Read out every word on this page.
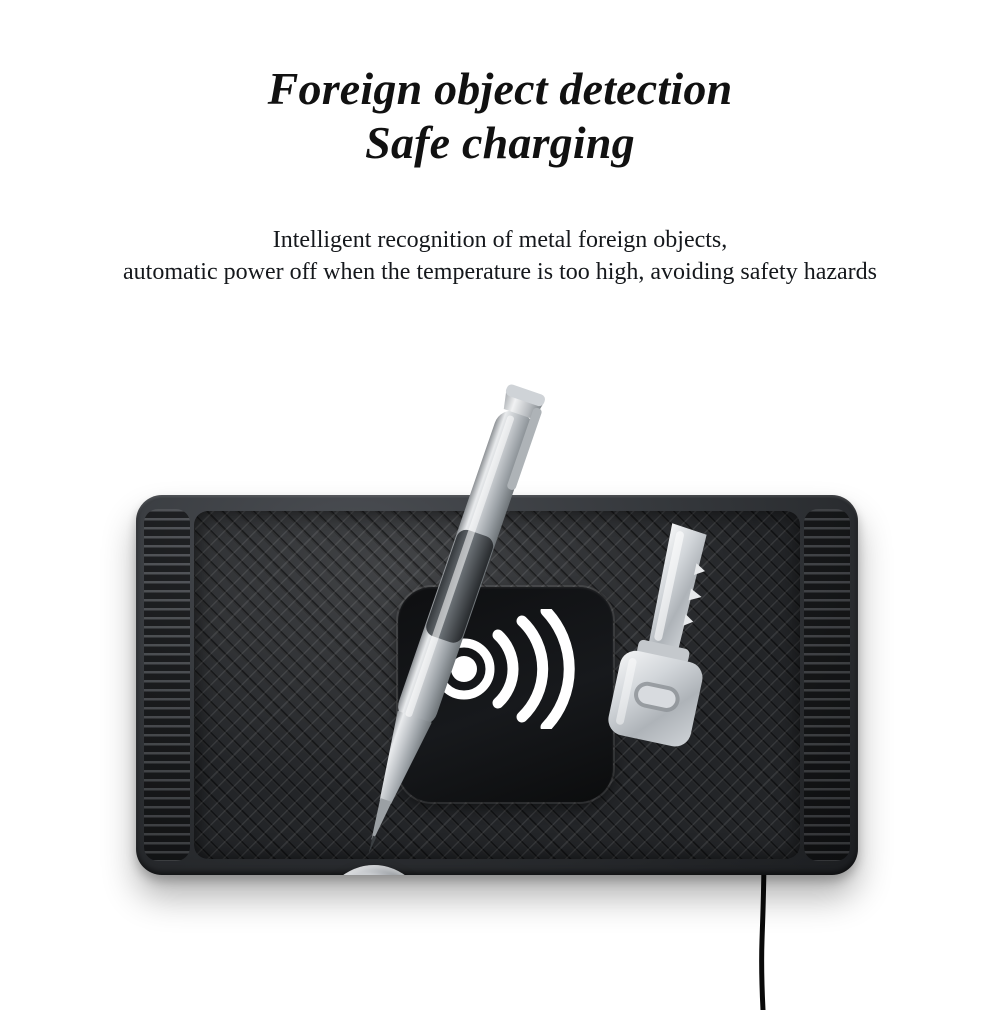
Foreign object detection
Safe charging
Intelligent recognition of metal foreign objects,
automatic power off when the temperature is too high, avoiding safety hazards
